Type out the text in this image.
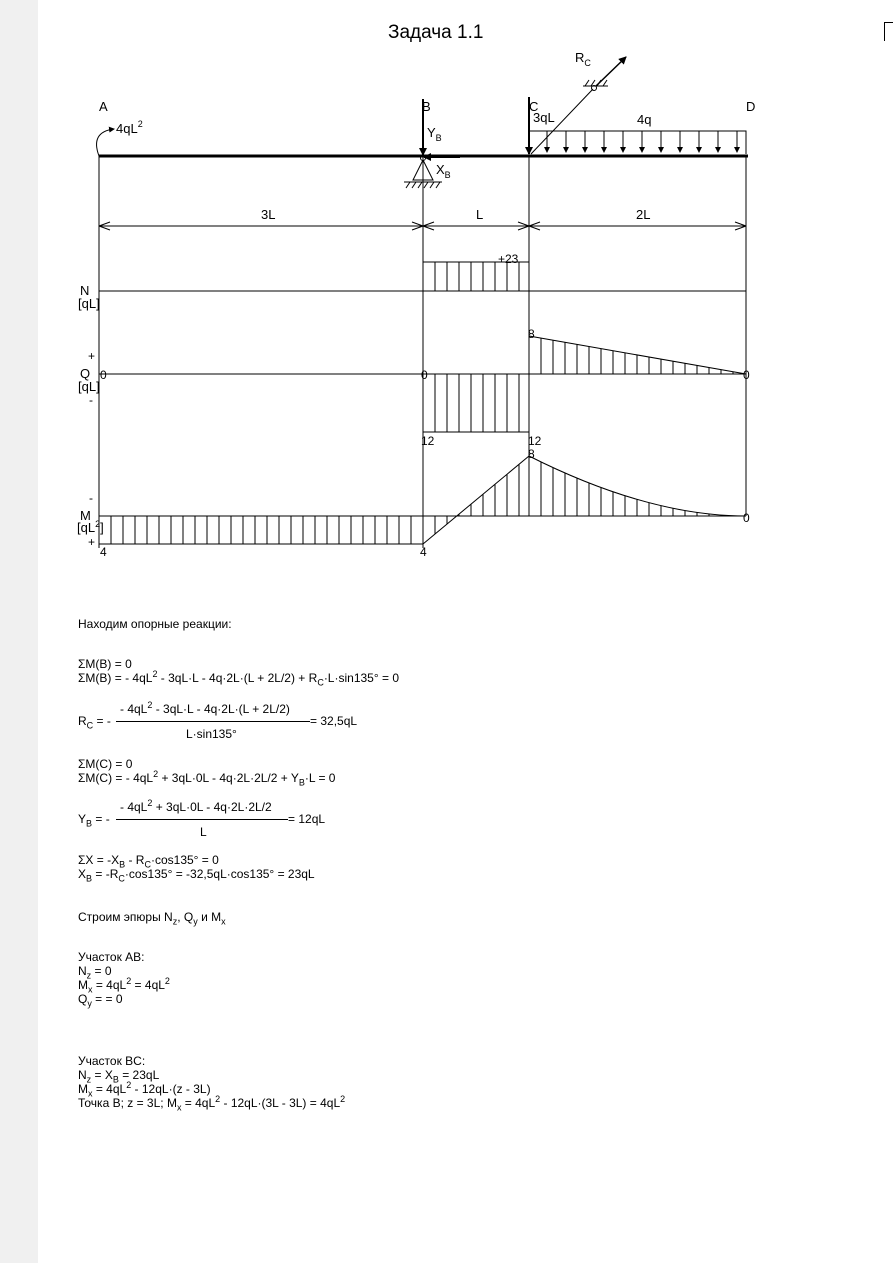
Задача 1.1
A	B	C	D
$4qL^2$
$Y_B$
$X_B$
3qL
$R_C$
4q
3L	L	2L
N
[qL]
+23
Q
[qL]
+
-
0	0
12
8
12
0
M
$[qL^2]$
-
+
4	4
8
0
Находим опорные реакции:
ΣM(B) = 0
ΣM(B) = - $4qL^2 - 3qL\cdot L - 4q\cdot 2L\cdot(L + 2L/2) + R_C\cdot L\cdot\sin 135^\circ = 0$
$R_C$ = -
- $4qL^2 - 3qL\cdot L - 4q\cdot 2L\cdot(L + 2L/2)$
L·sin135°
= 32,5qL
ΣM(C) = 0
ΣM(C) = - $4qL^2 + 3qL\cdot 0L - 4q\cdot 2L\cdot 2L/2 + Y_B\cdot L = 0$
$Y_B$ = -
- $4qL^2 + 3qL\cdot 0L - 4q\cdot 2L\cdot 2L/2$
L
= 12qL
$\Sigma X = -X_B - R_C\cdot\cos 135^\circ = 0$
$X_B = -R_C\cdot\cos 135^\circ = -32,5qL\cdot\cos 135^\circ = 23qL$
Строим эпюры $N_z$, $Q_y$ и $M_x$
Участок AB:
$N_z = 0$
$M_x = 4qL^2 = 4qL^2$
$Q_y$ = = 0
Участок BC:
$N_z = X_B = 23qL$
$M_x = 4qL^2 - 12qL\cdot(z - 3L)$
Точка B; z = 3L; $M_x = 4qL^2 - 12qL\cdot(3L - 3L) = 4qL^2$
